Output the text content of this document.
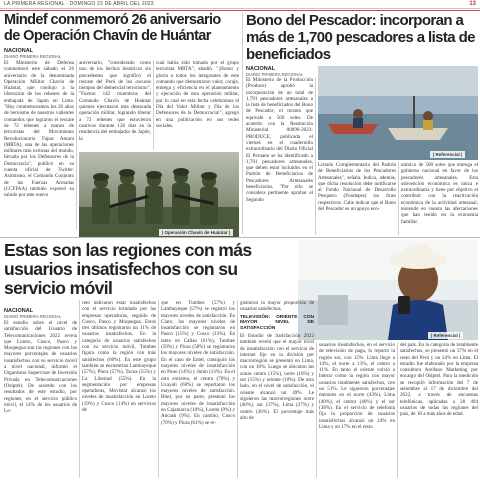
LA PRIMERA REGIONAL · DOMINGO 23 DE ABRIL DEL 2023	13
Mindef conmemoró 26 aniversario de Operación Chavín de Huántar
NACIONAL
DIARIO PRIMERA REGIONAL

El Ministerio de Defensa conmemoró este sábado el 26 aniversario de la denominada Operación Militar Chavín de Huántar, que condujo a la liberación de los rehenes de la embajada de Japón en Lima. "Hoy conmemoramos los 26 años de heroísmo de nuestros valientes comandos que lograron el rescate de 72 rehenes a manos de terroristas del Movimiento Revolucionario Túpac Amaru (MRTA), una de las operaciones militares más exitosas del mundo, llevada por los Defensores de la Democracia", publicó en su cuenta oficial de Twitter. Asimismo, el Comando Conjunto de las Fuerzas Armadas (CCFFAA) también expresó su saludo por este nuevo

aniversario, "considerado como uno de los hechos históricos sin precedentes que significó el rescate del Perú de los oscuros tiempos del demencial terrorismo". "Fueron 142 miembros del Comando Chavín de Huántar quienes ejecutaron esta destacada operación militar, logrando liberar a 72 rehenes que estuvieron cautivos durante 126 días en la residencia del embajador de Japón, la

cual había sido tomada por el grupo terrorista MRTA", añadió. "¡Honor y gloria a todos los integrantes de este comando que demostraron valor, coraje, entrega y eficiencia en el planeamiento y ejecución de esta operación militar, por lo cual en esta fecha celebramos el Día del Valor Militar y Día de los Defensores de la Democracia!", agregó en una publicación en sus redes sociales.

| Operación Chavín de Huántar |
Bono del Pescador: incorporan a más de 1,700 pescadores a lista de beneficiados
NACIONAL
DIARIO PRIMERA REGIONAL

El Ministerio de la Producción (Produce) aprobó la incorporación de un total de 1,791 pescadores artesanales a la lista de beneficiados del Bono de Pescador, el mismo que equivale a 500 soles. De acuerdo con la Resolución Ministerial 00096-2023-PRODUCE, publicada el viernes en el cuadernillo extraordinario del Diario Oficial El Peruano se ha identificado a 1,791 pescadores artesanales, que deben estar incluidos en el Padrón de Beneficiarios de Pescadores Artesanales beneficiarios. "Por ello se considera pertinente aprobar el Segundo

| Referencial |

Listado Complementario del Padrón de Beneficiarios de los Pescadores Artesanales", señala. Indica, además, que dicha resolución debe notificarse al Fondo Nacional de Desarrollo Pesquero (Fondepes) los fines respectivos. Cabe indicar que el Bono del Pescador es un apoyo eco-

nómico de 500 soles que entrega el gobierno nacional en favor de los pescadores artesanales. Esta subvención económica es única e extraordinaria y tiene por objetivo el contribuir con la reactivación económica de la actividad artesanal, teniendo en cuenta las afectaciones que han tenido en la economía familiar.

Estas son las regiones con más usuarios insatisfechos con su servicio móvil
| Referencial |
NACIONAL
DIARIO PRIMERA REGIONAL

El estudio sobre el nivel de satisfacción del Usuario de Telecomunicaciones 2022 revela que Loreto, Cusco, Pasco y Moquegua son las regiones con los mayores porcentajes de usuarios insatisfechos con su servicio móvil a nivel nacional, informó el Organismo Supervisor de Inversión Privada en Telecomunicaciones (Osiptel). De acuerdo con los resultados de este estudio, por regiones, en el servicio público móvil, el 14% de los usuarios de Lo-

reto indicaron estar insatisfechos con el servicio brindado por las empresas operadoras, seguido de Cusco, Pasco y Moquegua. Estos tres últimos registraron un 11% de usuarios insatisfechos. En la categoría de usuarios satisfechos con su servicio móvil, Tumbes figura como la región con más satisfechos (60%). En este grupo también se encuentran Lambayeque (57%), Piura (57%), Tacna (55%) y La Libertad (55%). En la segmentación por empresas operadoras, Movistar alcanzó los niveles de insatisfacción en Loreto (19%) y Cusco (14%) en servicios de

que en Tumbes (57%) y Lambayeque (57%) se registró los mayores niveles de satisfacción. En Claro, los mayores niveles de insatisfacción se registraron en Pasco (15%) y Cusco (13%). En tanto en Callao (61%), Tumbes (59%) y Piura (58%) se registraron los mayores niveles de satisfacción. En el caso de Entel, consiguió los mayores niveles de insatisfacción en Puno (14%) y Junín (13%). En el otro extremo, el centro (70%) y Ucayali (68%) se reportaron los mayores niveles de satisfacción. Bitel, por su parte, presentó los mayores niveles de insatisfacción en Cajamarca (10%), Loreto (9%) y Ancash (9%). En cambio, Cusco (70%) y Piura (61%) se re-

gistraron la mayor proporción de usuarios satisfechos.

TELEVISIÓN: ORIENTE CON MAYOR NIVEL DE SATISFACCIÓN

El Estudio de Satisfacción 2022 también reveló que el mayor nivel de insatisfacción con el servicio de internet fijo en la división por macrorregión se presentó en Lima, con un 18%. Luego se ubicaron las zonas centro (15%), norte (16%) y sur (15%) y oriente (10%). De otro lado, en el nivel de satisfacción, el oriente alcanzó un 49%. Le siguieron las macrorregiones norte (40%), sur (37%), Lima (37%) y centro (36%). El porcentaje más alto de

usuarios insatisfechos, en el servicio de televisión de paga, lo reportó la región sur, con 15%. Lima llegó a 14%, el norte a 13%, el centro a 11%. En tanto el oriente volvió a liderar como la región con mayor usuarios totalmente satisfechos, con un 51%. Le siguieron porcentajes menores en el norte (43%), Lima (40%), el centro (40%) y el sur (38%). En el servicio de telefonía fija la proporción de usuarios insatisfechos alcanzó un 24% en Lima y un 17% en el resto

del país. En la categoría de totalmente satisfechos, se presentó un 37% en el resto del Perú y un 24% en Lima. El estudio fue elaborado por la empresa consultora Arellano Marketing por encargo del Osiptel. Para la medición se recopiló información del 7 de setiembre al 17 de diciembre del 2022, a través de encuestas telefónicas, aplicadas a 28 494 usuarios de todas las regiones del país, de 18 a más años de edad.
